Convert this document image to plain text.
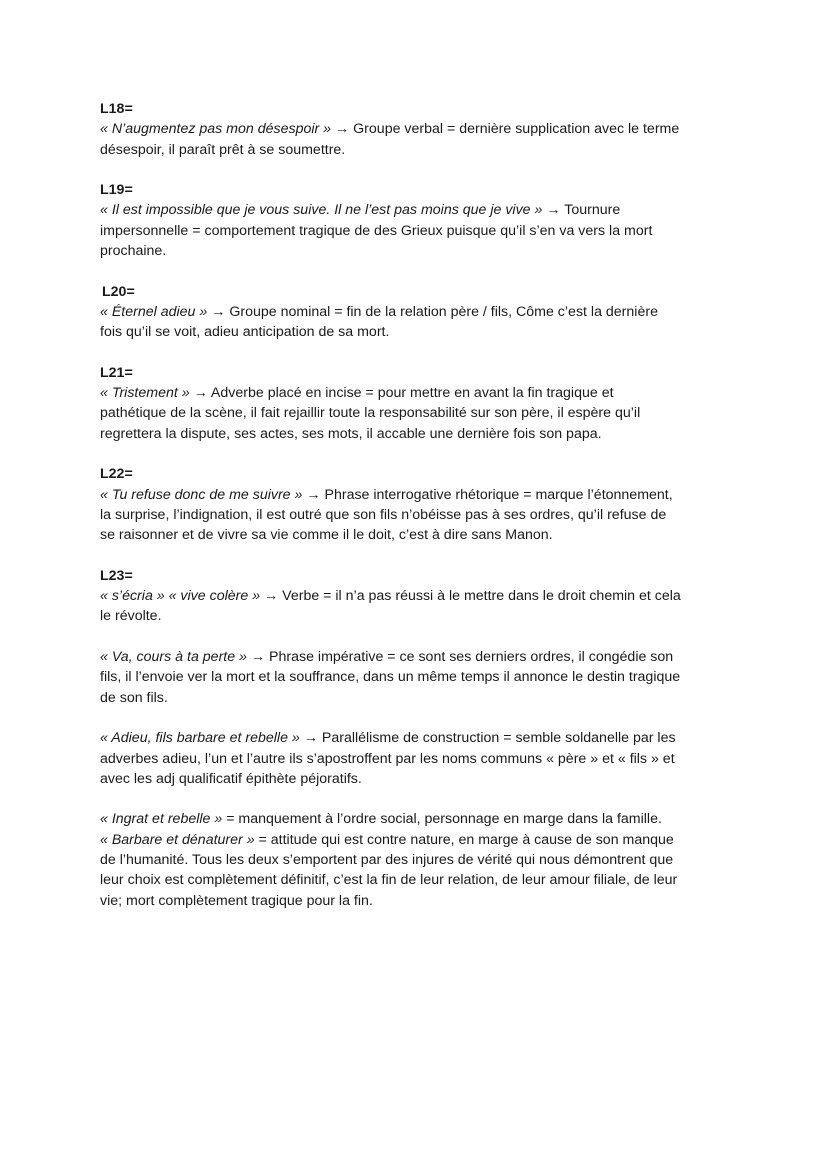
L18=

« N’augmentez pas mon désespoir » → Groupe verbal = dernière supplication avec le terme

désespoir, il paraît prêt à se soumettre.

L19=

« Il est impossible que je vous suive. Il ne l’est pas moins que je vive » → Tournure

impersonnelle = comportement tragique de des Grieux puisque qu’il s’en va vers la mort

prochaine.

L20=

« Éternel adieu » → Groupe nominal = fin de la relation père / fils, Côme c’est la dernière

fois qu’il se voit, adieu anticipation de sa mort.

L21=

« Tristement » → Adverbe placé en incise = pour mettre en avant la fin tragique et

pathétique de la scène, il fait rejaillir toute la responsabilité sur son père, il espère qu’il

regrettera la dispute, ses actes, ses mots, il accable une dernière fois son papa.

L22=

« Tu refuse donc de me suivre » → Phrase interrogative rhétorique = marque l’étonnement,

la surprise, l’indignation, il est outré que son fils n’obéisse pas à ses ordres, qu’il refuse de

se raisonner et de vivre sa vie comme il le doit, c’est à dire sans Manon.

L23=

« s’écria » « vive colère » → Verbe = il n’a pas réussi à le mettre dans le droit chemin et cela

le révolte.

« Va, cours à ta perte » → Phrase impérative = ce sont ses derniers ordres, il congédie son

fils, il l’envoie ver la mort et la souffrance, dans un même temps il annonce le destin tragique

de son fils.

« Adieu, fils barbare et rebelle » → Parallélisme de construction = semble soldanelle par les

adverbes adieu, l’un et l’autre ils s’apostroffent par les noms communs « père » et « fils » et

avec les adj qualificatif épithète péjoratifs.

« Ingrat et rebelle » = manquement à l’ordre social, personnage en marge dans la famille.

« Barbare et dénaturer » = attitude qui est contre nature, en marge à cause de son manque

de l’humanité. Tous les deux s’emportent par des injures de vérité qui nous démontrent que

leur choix est complètement définitif, c’est la fin de leur relation, de leur amour filiale, de leur

vie; mort complètement tragique pour la fin.
